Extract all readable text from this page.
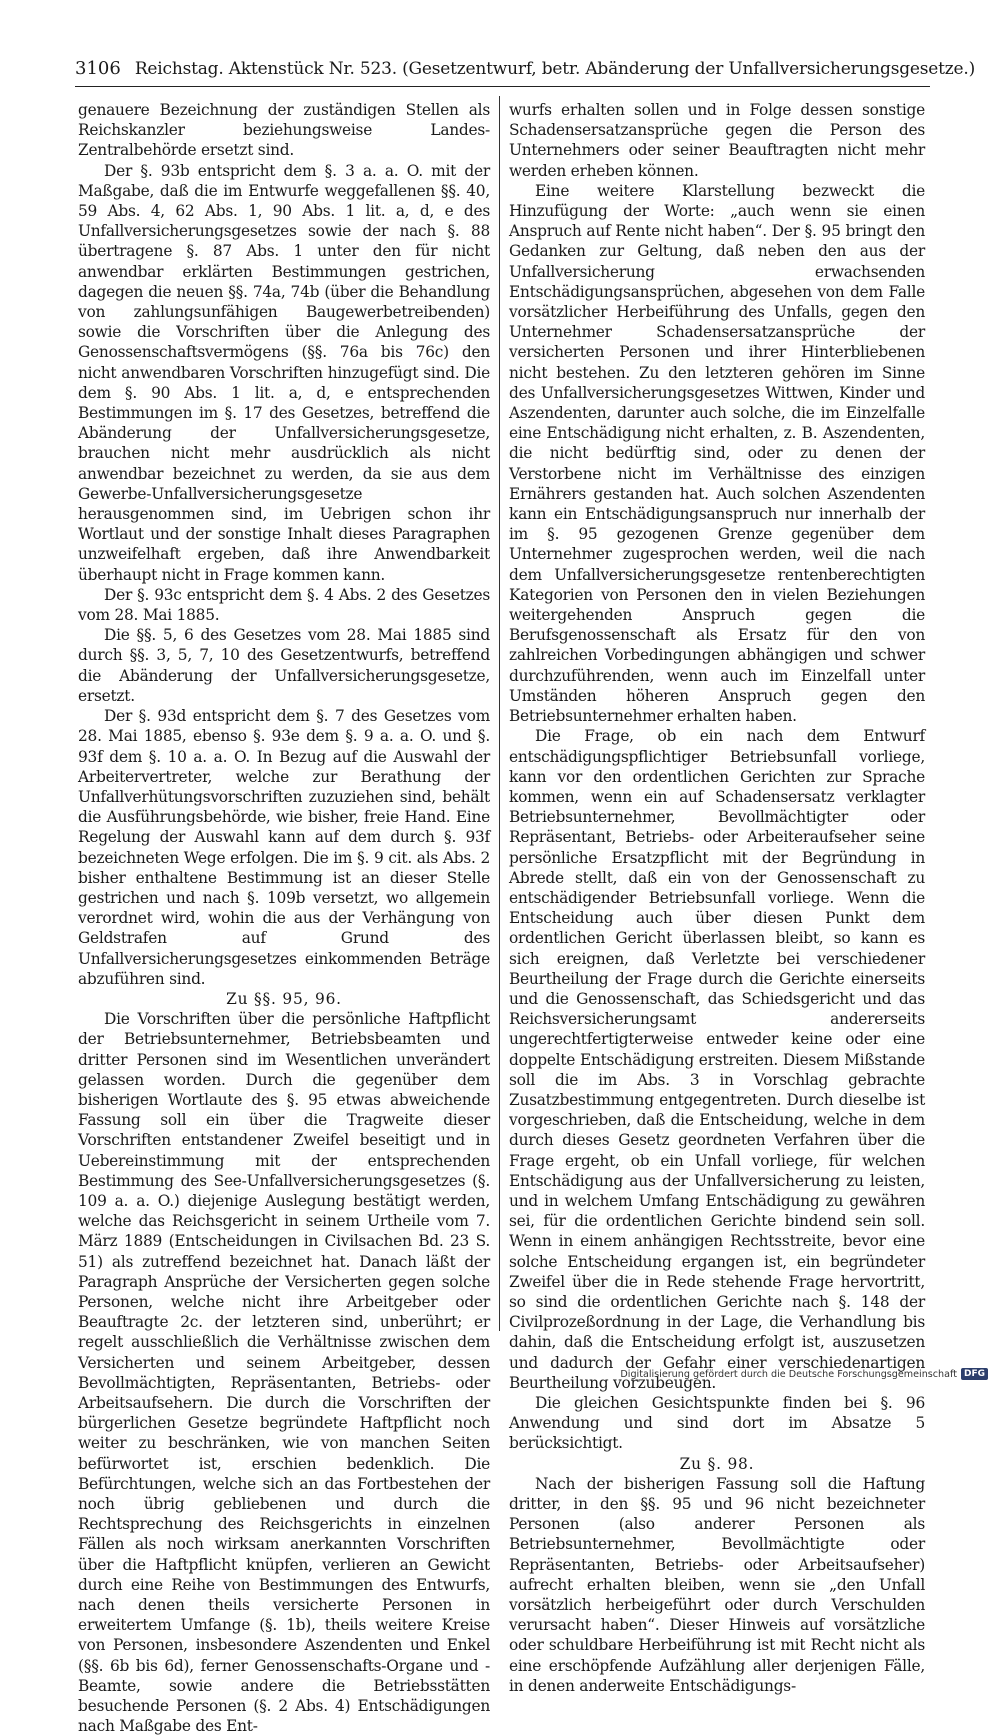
3106 Reichstag. Aktenstück Nr. 523. (Gesetzentwurf, betr. Abänderung der Unfallversicherungsgesetze.)

genauere Bezeichnung der zuständigen Stellen als Reichskanzler beziehungsweise Landes-Zentralbehörde ersetzt sind.

Der §. 93b entspricht dem §. 3 a. a. O. mit der Maßgabe, daß die im Entwurfe weggefallenen §§. 40, 59 Abs. 4, 62 Abs. 1, 90 Abs. 1 lit. a, d, e des Unfallversicherungsgesetzes sowie der nach §. 88 übertragene §. 87 Abs. 1 unter den für nicht anwendbar erklärten Bestimmungen gestrichen, dagegen die neuen §§. 74a, 74b (über die Behandlung von zahlungsunfähigen Baugewerbetreibenden) sowie die Vorschriften über die Anlegung des Genossenschaftsvermögens (§§. 76a bis 76c) den nicht anwendbaren Vorschriften hinzugefügt sind. Die dem §. 90 Abs. 1 lit. a, d, e entsprechenden Bestimmungen im §. 17 des Gesetzes, betreffend die Abänderung der Unfallversicherungsgesetze, brauchen nicht mehr ausdrücklich als nicht anwendbar bezeichnet zu werden, da sie aus dem Gewerbe-Unfallversicherungsgesetze herausgenommen sind, im Uebrigen schon ihr Wortlaut und der sonstige Inhalt dieses Paragraphen unzweifelhaft ergeben, daß ihre Anwendbarkeit überhaupt nicht in Frage kommen kann.

Der §. 93c entspricht dem §. 4 Abs. 2 des Gesetzes vom 28. Mai 1885.

Die §§. 5, 6 des Gesetzes vom 28. Mai 1885 sind durch §§. 3, 5, 7, 10 des Gesetzentwurfs, betreffend die Abänderung der Unfallversicherungsgesetze, ersetzt.

Der §. 93d entspricht dem §. 7 des Gesetzes vom 28. Mai 1885, ebenso §. 93e dem §. 9 a. a. O. und §. 93f dem §. 10 a. a. O. In Bezug auf die Auswahl der Arbeitervertreter, welche zur Berathung der Unfallverhütungsvorschriften zuzuziehen sind, behält die Ausführungsbehörde, wie bisher, freie Hand. Eine Regelung der Auswahl kann auf dem durch §. 93f bezeichneten Wege erfolgen. Die im §. 9 cit. als Abs. 2 bisher enthaltene Bestimmung ist an dieser Stelle gestrichen und nach §. 109b versetzt, wo allgemein verordnet wird, wohin die aus der Verhängung von Geldstrafen auf Grund des Unfallversicherungsgesetzes einkommenden Beträge abzuführen sind.

Zu §§. 95, 96.

Die Vorschriften über die persönliche Haftpflicht der Betriebsunternehmer, Betriebsbeamten und dritter Personen sind im Wesentlichen unverändert gelassen worden. Durch die gegenüber dem bisherigen Wortlaute des §. 95 etwas abweichende Fassung soll ein über die Tragweite dieser Vorschriften entstandener Zweifel beseitigt und in Uebereinstimmung mit der entsprechenden Bestimmung des See-Unfallversicherungsgesetzes (§. 109 a. a. O.) diejenige Auslegung bestätigt werden, welche das Reichsgericht in seinem Urtheile vom 7. März 1889 (Entscheidungen in Civilsachen Bd. 23 S. 51) als zutreffend bezeichnet hat. Danach läßt der Paragraph Ansprüche der Versicherten gegen solche Personen, welche nicht ihre Arbeitgeber oder Beauftragte 2c. der letzteren sind, unberührt; er regelt ausschließlich die Verhältnisse zwischen dem Versicherten und seinem Arbeitgeber, dessen Bevollmächtigten, Repräsentanten, Betriebs- oder Arbeitsaufsehern. Die durch die Vorschriften der bürgerlichen Gesetze begründete Haftpflicht noch weiter zu beschränken, wie von manchen Seiten befürwortet ist, erschien bedenklich. Die Befürchtungen, welche sich an das Fortbestehen der noch übrig gebliebenen und durch die Rechtsprechung des Reichsgerichts in einzelnen Fällen als noch wirksam anerkannten Vorschriften über die Haftpflicht knüpfen, verlieren an Gewicht durch eine Reihe von Bestimmungen des Entwurfs, nach denen theils versicherte Personen in erweitertem Umfange (§. 1b), theils weitere Kreise von Personen, insbesondere Aszendenten und Enkel (§§. 6b bis 6d), ferner Genossenschafts-Organe und -Beamte, sowie andere die Betriebsstätten besuchende Personen (§. 2 Abs. 4) Entschädigungen nach Maßgabe des Ent-

wurfs erhalten sollen und in Folge dessen sonstige Schadensersatzansprüche gegen die Person des Unternehmers oder seiner Beauftragten nicht mehr werden erheben können.

Eine weitere Klarstellung bezweckt die Hinzufügung der Worte: „auch wenn sie einen Anspruch auf Rente nicht haben“. Der §. 95 bringt den Gedanken zur Geltung, daß neben den aus der Unfallversicherung erwachsenden Entschädigungsansprüchen, abgesehen von dem Falle vorsätzlicher Herbeiführung des Unfalls, gegen den Unternehmer Schadensersatzansprüche der versicherten Personen und ihrer Hinterbliebenen nicht bestehen. Zu den letzteren gehören im Sinne des Unfallversicherungsgesetzes Wittwen, Kinder und Aszendenten, darunter auch solche, die im Einzelfalle eine Entschädigung nicht erhalten, z. B. Aszendenten, die nicht bedürftig sind, oder zu denen der Verstorbene nicht im Verhältnisse des einzigen Ernährers gestanden hat. Auch solchen Aszendenten kann ein Entschädigungsanspruch nur innerhalb der im §. 95 gezogenen Grenze gegenüber dem Unternehmer zugesprochen werden, weil die nach dem Unfallversicherungsgesetze rentenberechtigten Kategorien von Personen den in vielen Beziehungen weitergehenden Anspruch gegen die Berufsgenossenschaft als Ersatz für den von zahlreichen Vorbedingungen abhängigen und schwer durchzuführenden, wenn auch im Einzelfall unter Umständen höheren Anspruch gegen den Betriebsunternehmer erhalten haben.

Die Frage, ob ein nach dem Entwurf entschädigungspflichtiger Betriebsunfall vorliege, kann vor den ordentlichen Gerichten zur Sprache kommen, wenn ein auf Schadensersatz verklagter Betriebsunternehmer, Bevollmächtigter oder Repräsentant, Betriebs- oder Arbeiteraufseher seine persönliche Ersatzpflicht mit der Begründung in Abrede stellt, daß ein von der Genossenschaft zu entschädigender Betriebsunfall vorliege. Wenn die Entscheidung auch über diesen Punkt dem ordentlichen Gericht überlassen bleibt, so kann es sich ereignen, daß Verletzte bei verschiedener Beurtheilung der Frage durch die Gerichte einerseits und die Genossenschaft, das Schiedsgericht und das Reichsversicherungsamt andererseits ungerechtfertigterweise entweder keine oder eine doppelte Entschädigung erstreiten. Diesem Mißstande soll die im Abs. 3 in Vorschlag gebrachte Zusatzbestimmung entgegentreten. Durch dieselbe ist vorgeschrieben, daß die Entscheidung, welche in dem durch dieses Gesetz geordneten Verfahren über die Frage ergeht, ob ein Unfall vorliege, für welchen Entschädigung aus der Unfallversicherung zu leisten, und in welchem Umfang Entschädigung zu gewähren sei, für die ordentlichen Gerichte bindend sein soll. Wenn in einem anhängigen Rechtsstreite, bevor eine solche Entscheidung ergangen ist, ein begründeter Zweifel über die in Rede stehende Frage hervortritt, so sind die ordentlichen Gerichte nach §. 148 der Civilprozeßordnung in der Lage, die Verhandlung bis dahin, daß die Entscheidung erfolgt ist, auszusetzen und dadurch der Gefahr einer verschiedenartigen Beurtheilung vorzubeugen.

Die gleichen Gesichtspunkte finden bei §. 96 Anwendung und sind dort im Absatze 5 berücksichtigt.

Zu §. 98.

Nach der bisherigen Fassung soll die Haftung dritter, in den §§. 95 und 96 nicht bezeichneter Personen (also anderer Personen als Betriebsunternehmer, Bevollmächtigte oder Repräsentanten, Betriebs- oder Arbeitsaufseher) aufrecht erhalten bleiben, wenn sie „den Unfall vorsätzlich herbeigeführt oder durch Verschulden verursacht haben“. Dieser Hinweis auf vorsätzliche oder schuldbare Herbeiführung ist mit Recht nicht als eine erschöpfende Aufzählung aller derjenigen Fälle, in denen anderweite Entschädigungs-

Digitalisierung gefördert durch die Deutsche Forschungsgemeinschaft DFG
